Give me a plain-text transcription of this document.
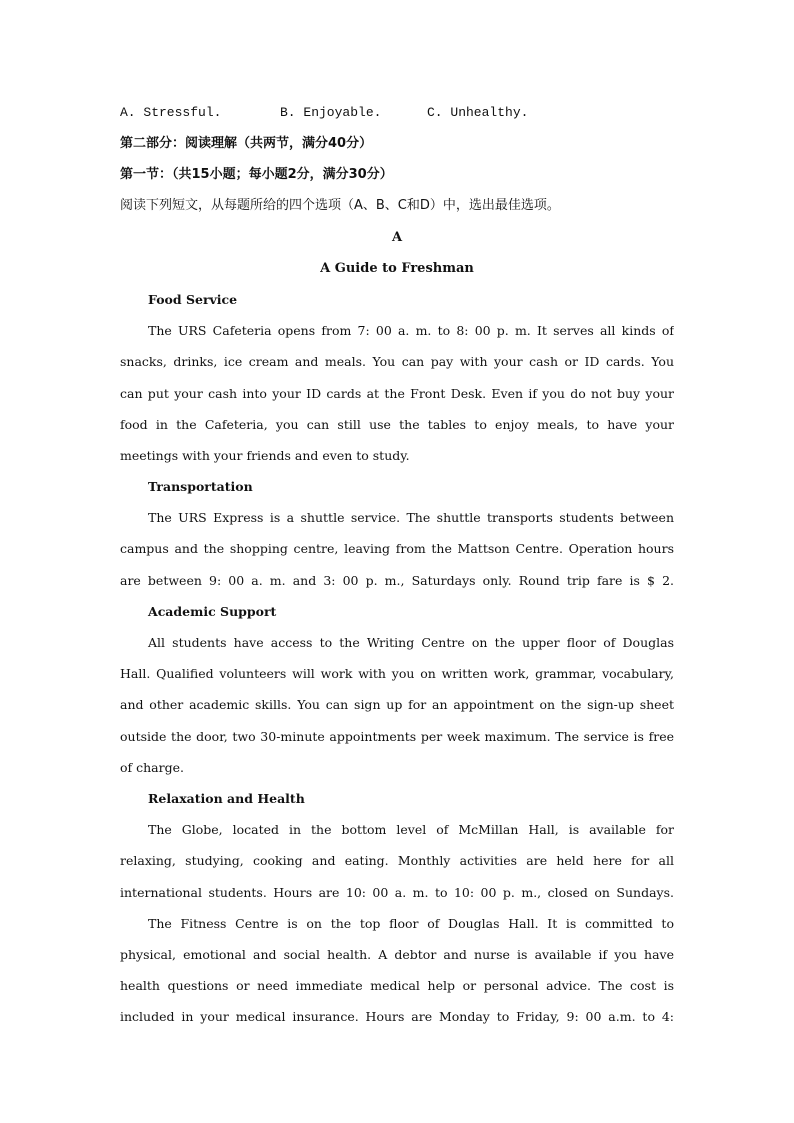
A. Stressful.	B. Enjoyable.	C. Unhealthy.
第二部分：阅读理解（共两节，满分40分）
第一节：（共15小题；每小题2分，满分30分）
阅读下列短文，从每题所给的四个选项（A、B、C和D）中，选出最佳选项。
A
A Guide to Freshman
Food Service

The URS Cafeteria opens from 7: 00 a. m. to 8: 00 p. m. It serves all kinds of
snacks, drinks, ice cream and meals. You can pay with your cash or ID cards. You
can put your cash into your ID cards at the Front Desk. Even if you do not buy your
food in the Cafeteria, you can still use the tables to enjoy meals, to have your
meetings with your friends and even to study.

Transportation

The URS Express is a shuttle service. The shuttle transports students between
campus and the shopping centre, leaving from the Mattson Centre. Operation hours
are between 9: 00 a. m. and 3: 00 p. m., Saturdays only. Round trip fare is $ 2.

Academic Support

All students have access to the Writing Centre on the upper floor of Douglas
Hall. Qualified volunteers will work with you on written work, grammar, vocabulary,
and other academic skills. You can sign up for an appointment on the sign-up sheet
outside the door, two 30-minute appointments per week maximum. The service is free
of charge.

Relaxation and Health

The Globe, located in the bottom level of McMillan Hall, is available for
relaxing, studying, cooking and eating. Monthly activities are held here for all
international students. Hours are 10: 00 a. m. to 10: 00 p. m., closed on Sundays.

The Fitness Centre is on the top floor of Douglas Hall. It is committed to
physical, emotional and social health. A debtor and nurse is available if you have
health questions or need immediate medical help or personal advice. The cost is
included in your medical insurance. Hours are Monday to Friday, 9: 00 a.m. to 4:
